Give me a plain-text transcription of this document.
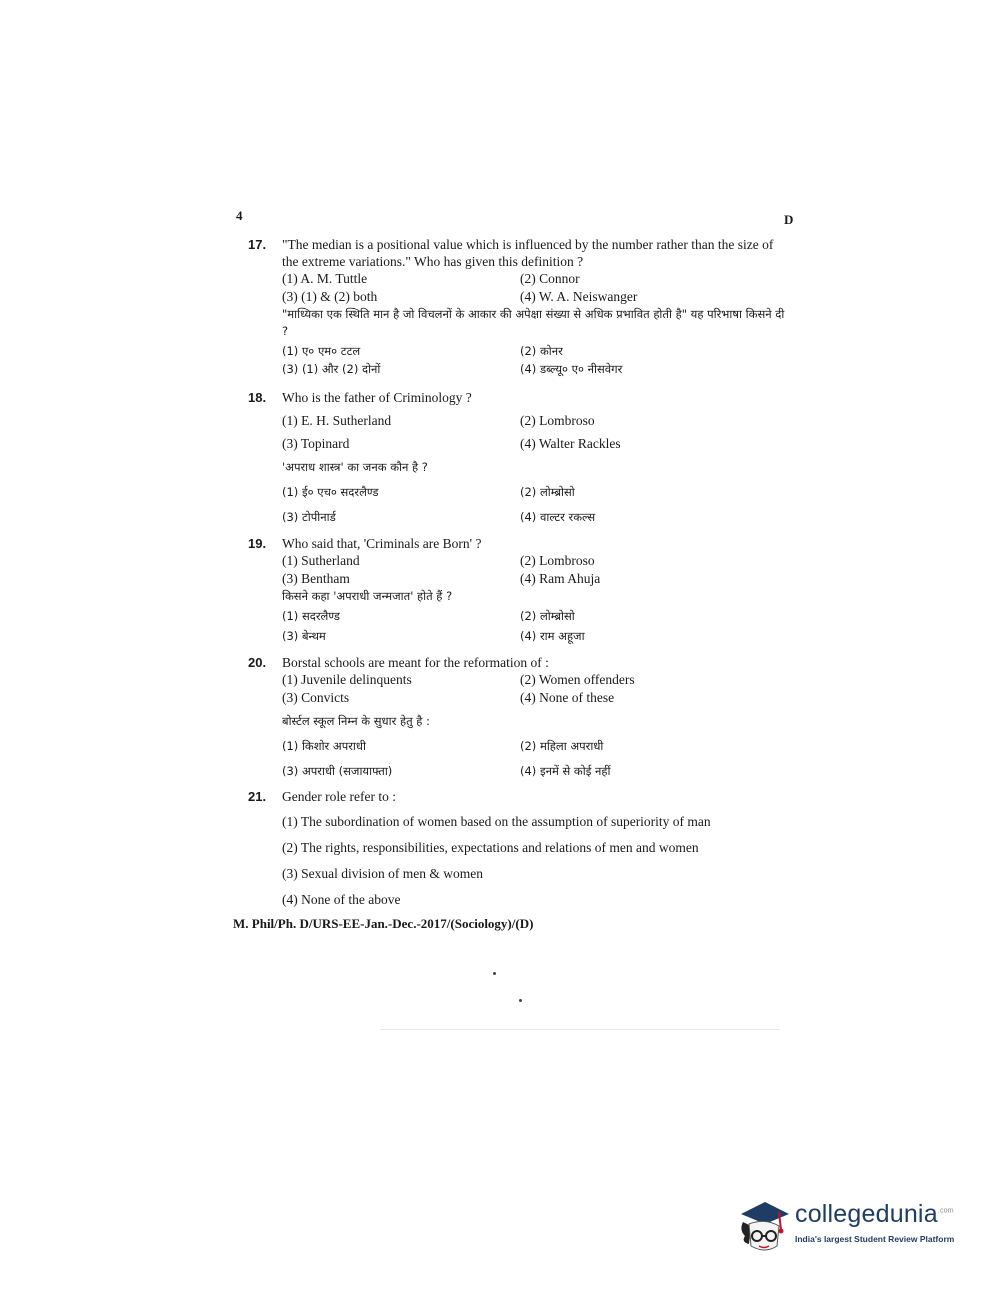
4	D
17. "The median is a positional value which is influenced by the number rather than the size of the extreme variations." Who has given this definition ?
(1) A. M. Tuttle	(2) Connor
(3) (1) & (2) both	(4) W. A. Neiswanger
"माध्यिका एक स्थिति मान है जो विचलनों के आकार की अपेक्षा संख्या से अधिक प्रभावित होती है" यह परिभाषा किसने दी ?
(1) ए० एम० टटल	(2) कोनर
(3) (1) और (2) दोनों	(4) डब्ल्यू० ए० नीसवेगर
18. Who is the father of Criminology ?
(1) E. H. Sutherland	(2) Lombroso
(3) Topinard	(4) Walter Rackles
'अपराध शास्त्र' का जनक कौन है ?
(1) ई० एच० सदरलैण्ड	(2) लोम्ब्रोसो
(3) टोपीनार्ड	(4) वाल्टर रकल्स
19. Who said that, 'Criminals are Born' ?
(1) Sutherland	(2) Lombroso
(3) Bentham	(4) Ram Ahuja
किसने कहा 'अपराधी जन्मजात' होते हैं ?
(1) सदरलैण्ड	(2) लोम्ब्रोसो
(3) बेन्थम	(4) राम अहूजा
20. Borstal schools are meant for the reformation of :
(1) Juvenile delinquents	(2) Women offenders
(3) Convicts	(4) None of these
बोर्स्टल स्कूल निम्न के सुधार हेतु है :
(1) किशोर अपराधी	(2) महिला अपराधी
(3) अपराधी (सजायाफ्ता)	(4) इनमें से कोई नहीं
21. Gender role refer to :
(1) The subordination of women based on the assumption of superiority of man
(2) The rights, responsibilities, expectations and relations of men and women
(3) Sexual division of men & women
(4) None of the above
M. Phil/Ph. D/URS-EE-Jan.-Dec.-2017/(Sociology)/(D)
collegedunia$^{.com}$
India's largest Student Review Platform
